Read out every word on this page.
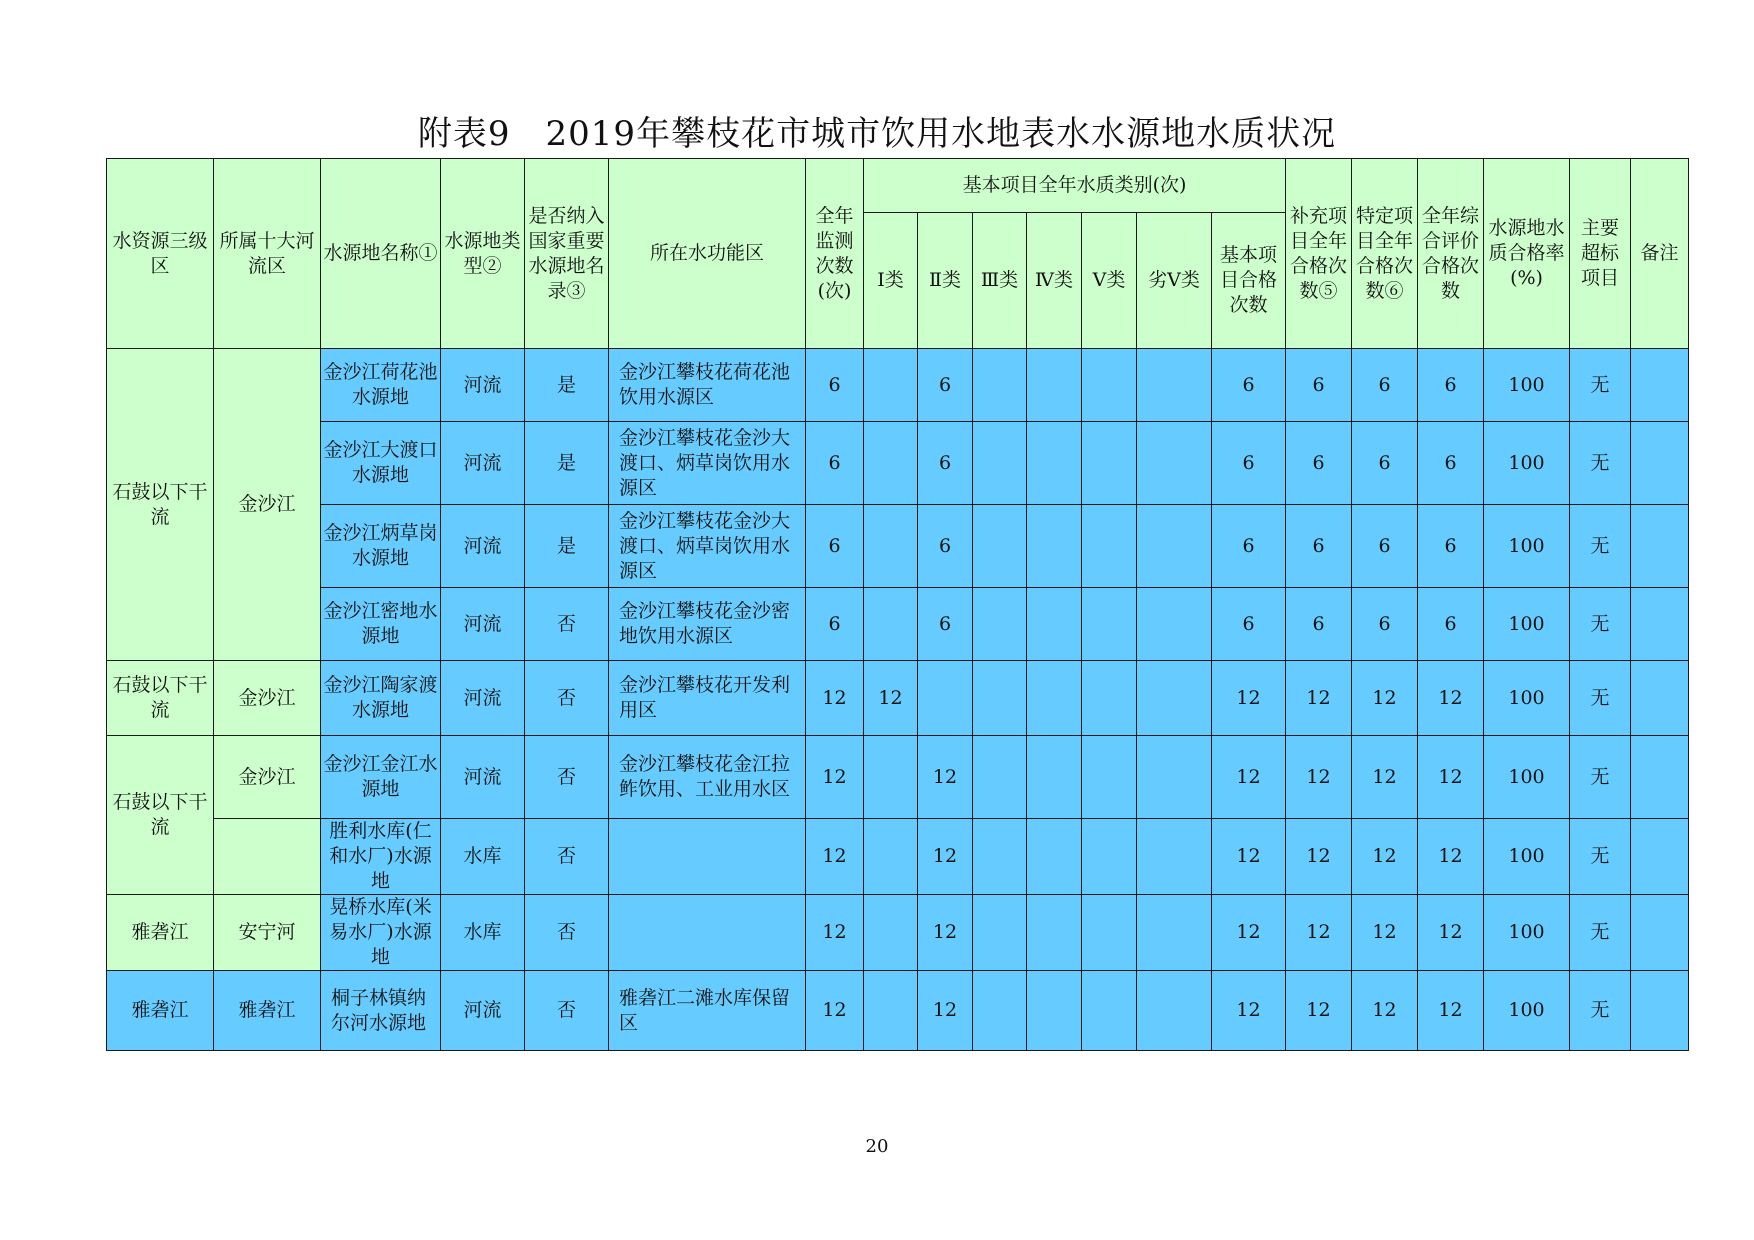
附表9　2019年攀枝花市城市饮用水地表水水源地水质状况
水资源三级区	所属十大河流区	水源地名称①	水源地类型②	是否纳入国家重要水源地名录③	所在水功能区	全年监测次数(次)	基本项目全年水质类别(次)							补充项目全年合格次数⑤	特定项目全年合格次数⑥	全年综合评价合格次数	水源地水质合格率(%)	主要超标项目	备注
							Ⅰ类	Ⅱ类	Ⅲ类	Ⅳ类	Ⅴ类	劣Ⅴ类	基本项目合格次数						
石鼓以下干流	金沙江	金沙江荷花池水源地	河流	是	金沙江攀枝花荷花池饮用水源区	6		6					6	6	6	6	100	无	
		金沙江大渡口水源地	河流	是	金沙江攀枝花金沙大渡口、炳草岗饮用水源区	6		6					6	6	6	6	100	无	
		金沙江炳草岗水源地	河流	是	金沙江攀枝花金沙大渡口、炳草岗饮用水源区	6		6					6	6	6	6	100	无	
		金沙江密地水源地	河流	否	金沙江攀枝花金沙密地饮用水源区	6		6					6	6	6	6	100	无	
石鼓以下干流	金沙江	金沙江陶家渡水源地	河流	否	金沙江攀枝花开发利用区	12	12						12	12	12	12	100	无	
石鼓以下干流	金沙江	金沙江金江水源地	河流	否	金沙江攀枝花金江拉鲊饮用、工业用水区	12		12					12	12	12	12	100	无	
		胜利水库(仁和水厂)水源地	水库	否		12		12					12	12	12	12	100	无	
雅砻江	安宁河	晃桥水库(米易水厂)水源地	水库	否		12		12					12	12	12	12	100	无	
雅砻江	雅砻江	桐子林镇纳尔河水源地	河流	否	雅砻江二滩水库保留区	12		12					12	12	12	12	100	无	
20
